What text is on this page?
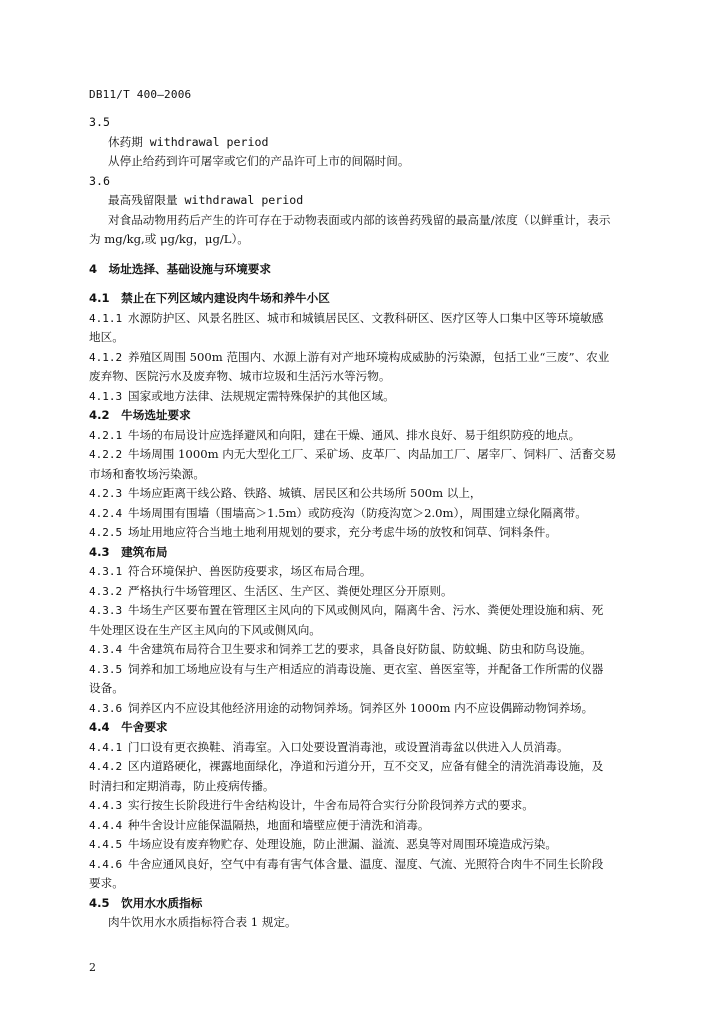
DB11/T 400—2006
3.5
休药期 withdrawal period
从停止给药到许可屠宰或它们的产品许可上市的间隔时间。
3.6
最高残留限量 withdrawal period
对食品动物用药后产生的许可存在于动物表面或内部的该兽药残留的最高量/浓度（以鲜重计，表示
为 mg/kg,或 μg/kg，μg/L）。
4　场址选择、基础设施与环境要求
4.1　禁止在下列区域内建设肉牛场和养牛小区
4.1.1 水源防护区、风景名胜区、城市和城镇居民区、文教科研区、医疗区等人口集中区等环境敏感
地区。
4.1.2 养殖区周围 500m 范围内、水源上游有对产地环境构成威胁的污染源，包括工业“三废”、农业
废弃物、医院污水及废弃物、城市垃圾和生活污水等污物。
4.1.3 国家或地方法律、法规规定需特殊保护的其他区域。
4.2　牛场选址要求
4.2.1 牛场的布局设计应选择避风和向阳，建在干燥、通风、排水良好、易于组织防疫的地点。
4.2.2 牛场周围 1000m 内无大型化工厂、采矿场、皮革厂、肉品加工厂、屠宰厂、饲料厂、活畜交易
市场和畜牧场污染源。
4.2.3 牛场应距离干线公路、铁路、城镇、居民区和公共场所 500m 以上，
4.2.4 牛场周围有围墙（围墙高＞1.5m）或防疫沟（防疫沟宽＞2.0m），周围建立绿化隔离带。
4.2.5 场址用地应符合当地土地利用规划的要求，充分考虑牛场的放牧和饲草、饲料条件。
4.3　建筑布局
4.3.1 符合环境保护、兽医防疫要求，场区布局合理。
4.3.2 严格执行牛场管理区、生活区、生产区、粪便处理区分开原则。
4.3.3 牛场生产区要布置在管理区主风向的下风或侧风向，隔离牛舍、污水、粪便处理设施和病、死
牛处理区设在生产区主风向的下风或侧风向。
4.3.4 牛舍建筑布局符合卫生要求和饲养工艺的要求，具备良好防鼠、防蚊蝇、防虫和防鸟设施。
4.3.5 饲养和加工场地应设有与生产相适应的消毒设施、更衣室、兽医室等，并配备工作所需的仪器
设备。
4.3.6 饲养区内不应设其他经济用途的动物饲养场。饲养区外 1000m 内不应设偶蹄动物饲养场。
4.4　牛舍要求
4.4.1 门口设有更衣换鞋、消毒室。入口处要设置消毒池，或设置消毒盆以供进入人员消毒。
4.4.2 区内道路硬化，裸露地面绿化，净道和污道分开，互不交叉，应备有健全的清洗消毒设施，及
时清扫和定期消毒，防止疫病传播。
4.4.3 实行按生长阶段进行牛舍结构设计，牛舍布局符合实行分阶段饲养方式的要求。
4.4.4 种牛舍设计应能保温隔热，地面和墙壁应便于清洗和消毒。
4.4.5 牛场应设有废弃物贮存、处理设施，防止泄漏、溢流、恶臭等对周围环境造成污染。
4.4.6 牛舍应通风良好，空气中有毒有害气体含量、温度、湿度、气流、光照符合肉牛不同生长阶段
要求。
4.5　饮用水水质指标
肉牛饮用水水质指标符合表 1 规定。
2
